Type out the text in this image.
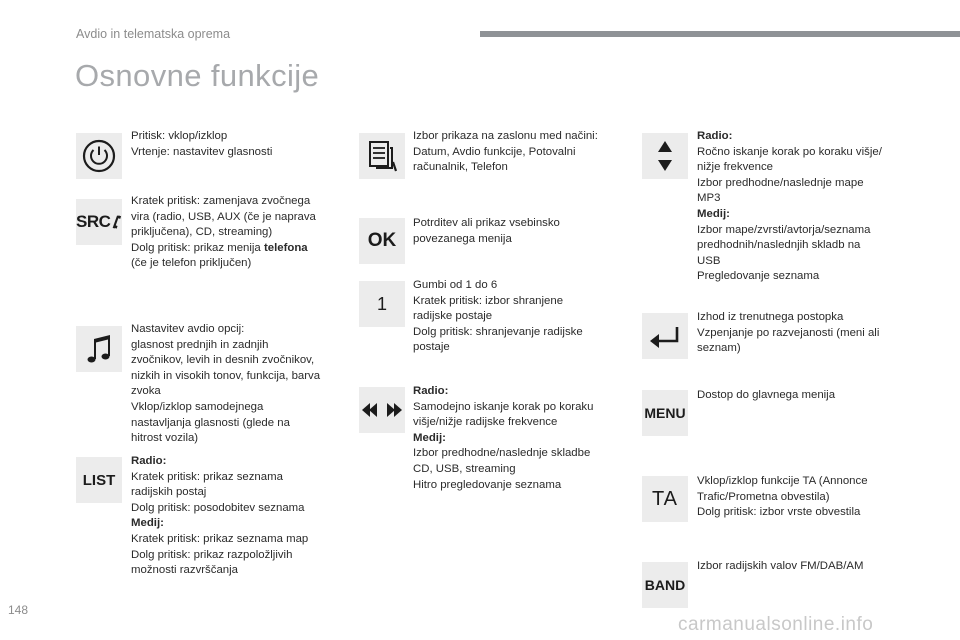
Avdio in telematska oprema
Osnovne funkcije
SRC
LIST
Pritisk: vklop/izklop
Vrtenje: nastavitev glasnosti
Kratek pritisk: zamenjava zvočnega
vira (radio, USB, AUX (če je naprava
priključena), CD, streaming)
Dolg pritisk: prikaz menija telefona
(če je telefon priključen)
Nastavitev avdio opcij:
glasnost prednjih in zadnjih
zvočnikov, levih in desnih zvočnikov,
nizkih in visokih tonov, funkcija, barva
zvoka
Vklop/izklop samodejnega
nastavljanja glasnosti (glede na
hitrost vozila)
Radio:
Kratek pritisk: prikaz seznama
radijskih postaj
Dolg pritisk: posodobitev seznama
Medij:
Kratek pritisk: prikaz seznama map
Dolg pritisk: prikaz razpoložljivih
možnosti razvrščanja
OK
1
Izbor prikaza na zaslonu med načini:
Datum, Avdio funkcije, Potovalni
računalnik, Telefon
Potrditev ali prikaz vsebinsko
povezanega menija
Gumbi od 1 do 6
Kratek pritisk: izbor shranjene
radijske postaje
Dolg pritisk: shranjevanje radijske
postaje
Radio:
Samodejno iskanje korak po koraku
višje/nižje radijske frekvence
Medij:
Izbor predhodne/naslednje skladbe
CD, USB, streaming
Hitro pregledovanje seznama
MENU
TA
BAND
Radio:
Ročno iskanje korak po koraku višje/
nižje frekvence
Izbor predhodne/naslednje mape
MP3
Medij:
Izbor mape/zvrsti/avtorja/seznama
predhodnih/naslednjih skladb na
USB
Pregledovanje seznama
Izhod iz trenutnega postopka
Vzpenjanje po razvejanosti (meni ali
seznam)
Dostop do glavnega menija
Vklop/izklop funkcije TA (Annonce
Trafic/Prometna obvestila)
Dolg pritisk: izbor vrste obvestila
Izbor radijskih valov FM/DAB/AM
148
carmanualsonline.info
